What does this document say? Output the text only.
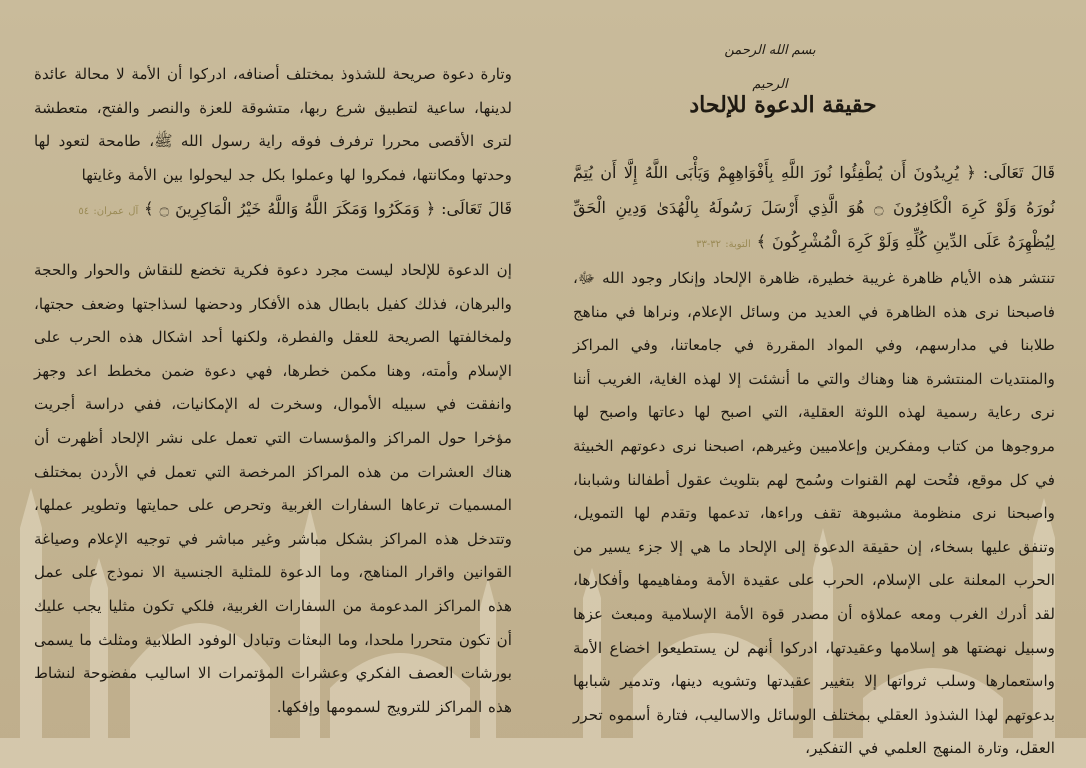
وتارة دعوة صريحة للشذوذ بمختلف أصنافه، ادركوا أن الأمة لا محالة عائدة لدينها، ساعية لتطبيق شرع ربها، متشوقة للعزة والنصر والفتح، متعطشة لترى الأقصى محررا ترفرف فوقه راية رسول الله ﷺ، طامحة لتعود لها وحدتها ومكانتها، فمكروا لها وعملوا بكل جد ليحولوا بين الأمة وغايتها

قَالَ تَعَالَى: ﴿ وَمَكَرُوا وَمَكَرَ اللَّهُ وَاللَّهُ خَيْرُ الْمَاكِرِينَ ۝ ﴾ آل عمران: ٥٤

إن الدعوة للإلحاد ليست مجرد دعوة فكرية تخضع للنقاش والحوار والحجة والبرهان، فذلك كفيل بابطال هذه الأفكار ودحضها لسذاجتها وضعف حجتها، ولمخالفتها الصريحة للعقل والفطرة، ولكنها أحد اشكال هذه الحرب على الإسلام وأمته، وهنا مكمن خطرها، فهي دعوة ضمن مخطط اعد وجهز وانفقت في سبيله الأموال، وسخرت له الإمكانيات، ففي دراسة أجريت مؤخرا حول المراكز والمؤسسات التي تعمل على نشر الإلحاد أظهرت أن هناك العشرات من هذه المراكز المرخصة التي تعمل في الأردن بمختلف المسميات ترعاها السفارات الغربية وتحرص على حمايتها وتطوير عملها، وتتدخل هذه المراكز بشكل مباشر وغير مباشر في توجيه الإعلام وصياغة القوانين واقرار المناهج، وما الدعوة للمثلية الجنسية الا نموذج على عمل هذه المراكز المدعومة من السفارات الغربية، فلكي تكون مثليا يجب عليك أن تكون متحررا ملحدا، وما البعثات وتبادل الوفود الطلابية ومثلث ما يسمى بورشات العصف الفكري وعشرات المؤتمرات الا اساليب مفضوحة لنشاط هذه المراكز للترويج لسمومها وإفكها.

بسم الله الرحمن الرحيم
حقيقة الدعوة للإلحاد

قَالَ تَعَالَى: ﴿ يُرِيدُونَ أَن يُطْفِئُوا نُورَ اللَّهِ بِأَفْوَاهِهِمْ وَيَأْبَى اللَّهُ إِلَّا أَن يُتِمَّ نُورَهُ وَلَوْ كَرِهَ الْكَافِرُونَ ۝ هُوَ الَّذِي أَرْسَلَ رَسُولَهُ بِالْهُدَىٰ وَدِينِ الْحَقِّ لِيُظْهِرَهُ عَلَى الدِّينِ كُلِّهِ وَلَوْ كَرِهَ الْمُشْرِكُونَ ﴾ التوبة: ٣٢-٣٣

تنتشر هذه الأيام ظاهرة غريبة خطيرة، ظاهرة الإلحاد وإنكار وجود الله ﷻ، فاصبحنا نرى هذه الظاهرة في العديد من وسائل الإعلام، ونراها في مناهج طلابنا في مدارسهم، وفي المواد المقررة في جامعاتنا، وفي المراكز والمنتديات المنتشرة هنا وهناك والتي ما أنشئت إلا لهذه الغاية، الغريب أننا نرى رعاية رسمية لهذه اللوثة العقلية، التي اصبح لها دعاتها واصبح لها مروجوها من كتاب ومفكرين وإعلاميين وغيرهم، اصبحنا نرى دعوتهم الخبيثة في كل موقع، فتُحت لهم القنوات وسُمح لهم بتلويث عقول أطفالنا وشبابنا، واصبحنا نرى منظومة مشبوهة تقف وراءها، تدعمها وتقدم لها التمويل، وتنفق عليها بسخاء، إن حقيقة الدعوة إلى الإلحاد ما هي إلا جزء يسير من الحرب المعلنة على الإسلام، الحرب على عقيدة الأمة ومفاهيمها وأفكارها، لقد أدرك الغرب ومعه عملاؤه أن مصدر قوة الأمة الإسلامية ومبعث عزها وسبيل نهضتها هو إسلامها وعقيدتها، ادركوا أنهم لن يستطيعوا اخضاع الأمة واستعمارها وسلب ثرواتها إلا بتغيير عقيدتها وتشويه دينها، وتدمير شبابها بدعوتهم لهذا الشذوذ العقلي بمختلف الوسائل والاساليب، فتارة أسموه تحرر العقل، وتارة المنهج العلمي في التفكير،
